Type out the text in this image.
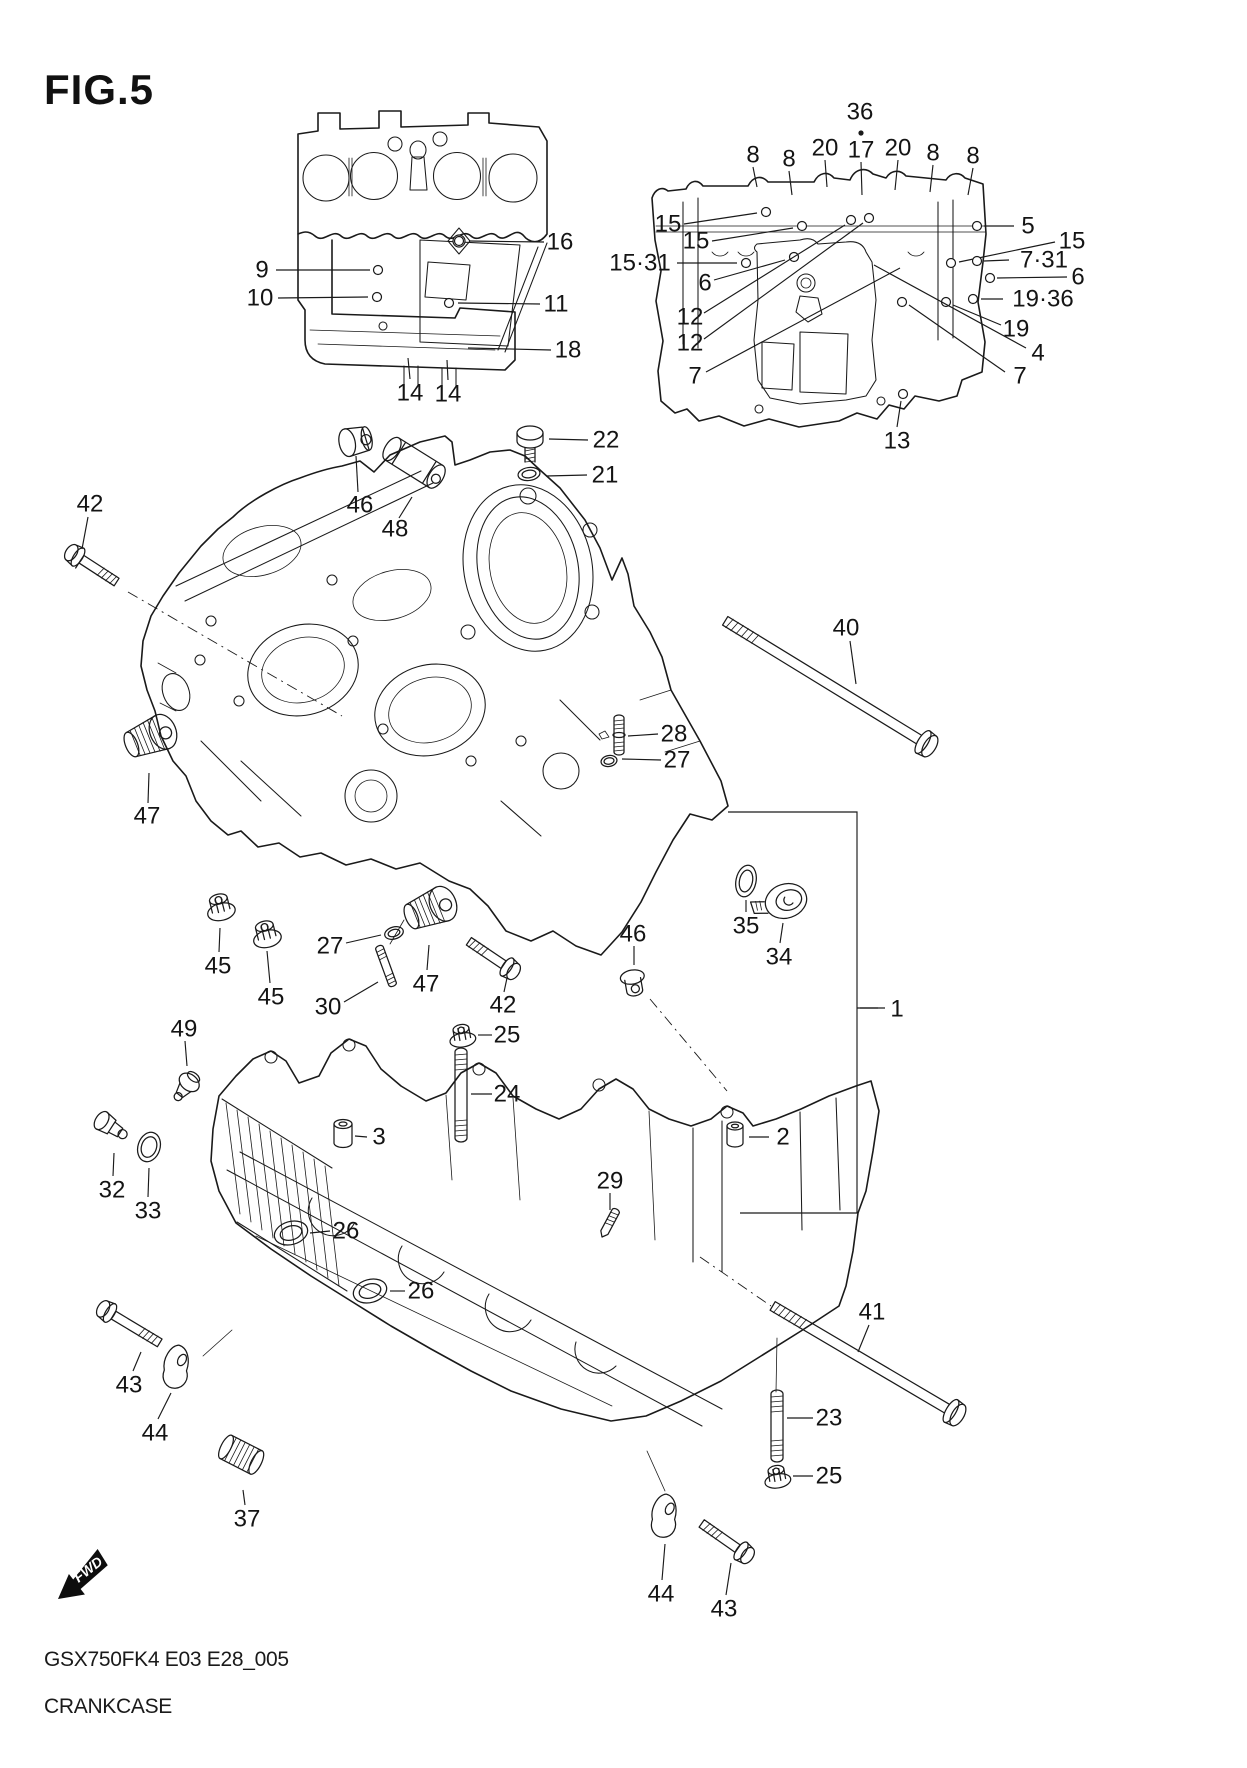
FIG.5
FWD
9
10
16
11
18
14 14
8 8 20 17
36
20 8 8
15
15
15·31
6
12
12
7
5
15
7·31
6
19·36
19
4
7
13
22
21
46
48
42
40
28
27
47
45
45
27
30
47
42
35
34
46
1
49	25
24
3	2
29
32
33
26
26
41
43
44
23
25
37
44
43
GSX750FK4 E03 E28_005
CRANKCASE
